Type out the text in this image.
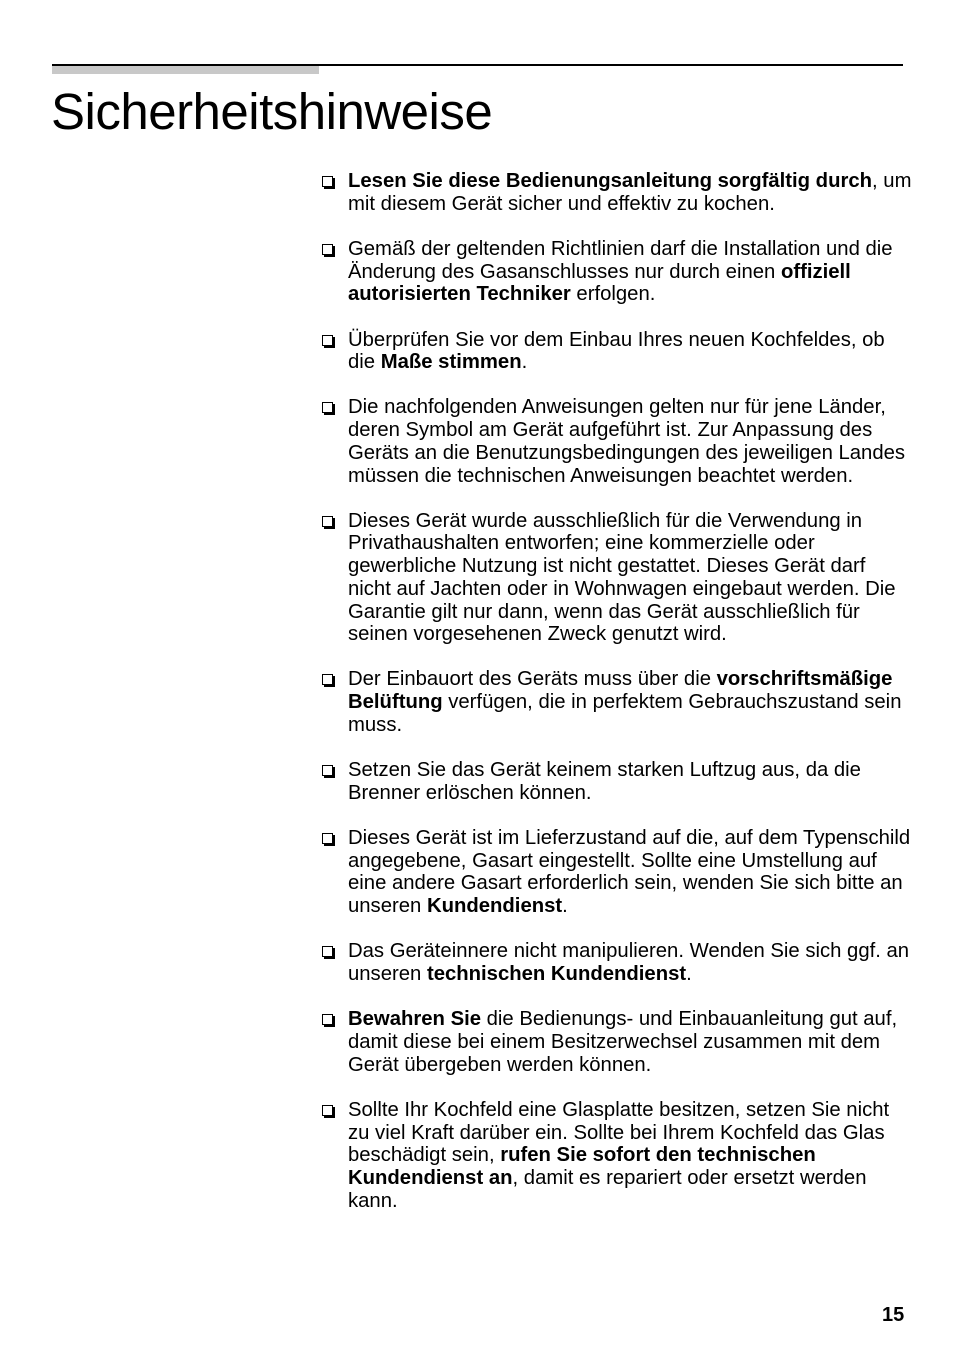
Sicherheitshinweise
Lesen Sie diese Bedienungsanleitung sorgfältig durch, um mit diesem Gerät sicher und effektiv zu kochen.
Gemäß der geltenden Richtlinien darf die Installation und die Änderung des Gasanschlusses nur durch einen offiziell autorisierten Techniker erfolgen.
Überprüfen Sie vor dem Einbau Ihres neuen Kochfeldes, ob die Maße stimmen.
Die nachfolgenden Anweisungen gelten nur für jene Länder, deren Symbol am Gerät aufgeführt ist. Zur Anpassung des Geräts an die Benutzungsbedingungen des jeweiligen Landes müssen die technischen Anweisungen beachtet werden.
Dieses Gerät wurde ausschließlich für die Verwendung in Privathaushalten entworfen; eine kommerzielle oder gewerbliche Nutzung ist nicht gestattet. Dieses Gerät darf nicht auf Jachten oder in Wohnwagen eingebaut werden. Die Garantie gilt nur dann, wenn das Gerät ausschließlich für seinen vorgesehenen Zweck genutzt wird.
Der Einbauort des Geräts muss über die vorschriftsmäßige Belüftung verfügen, die in perfektem Gebrauchszustand sein muss.
Setzen Sie das Gerät keinem starken Luftzug aus, da die Brenner erlöschen können.
Dieses Gerät ist im Lieferzustand auf die, auf dem Typenschild angegebene, Gasart eingestellt. Sollte eine Umstellung auf eine andere Gasart erforderlich sein, wenden Sie sich bitte an unseren Kundendienst.
Das Geräteinnere nicht manipulieren. Wenden Sie sich ggf. an unseren technischen Kundendienst.
Bewahren Sie die Bedienungs- und Einbauanleitung gut auf, damit diese bei einem Besitzerwechsel zusammen mit dem Gerät übergeben werden können.
Sollte Ihr Kochfeld eine Glasplatte besitzen, setzen Sie nicht zu viel Kraft darüber ein. Sollte bei Ihrem Kochfeld das Glas beschädigt sein, rufen Sie sofort den technischen Kundendienst an, damit es repariert oder ersetzt werden kann.
15
